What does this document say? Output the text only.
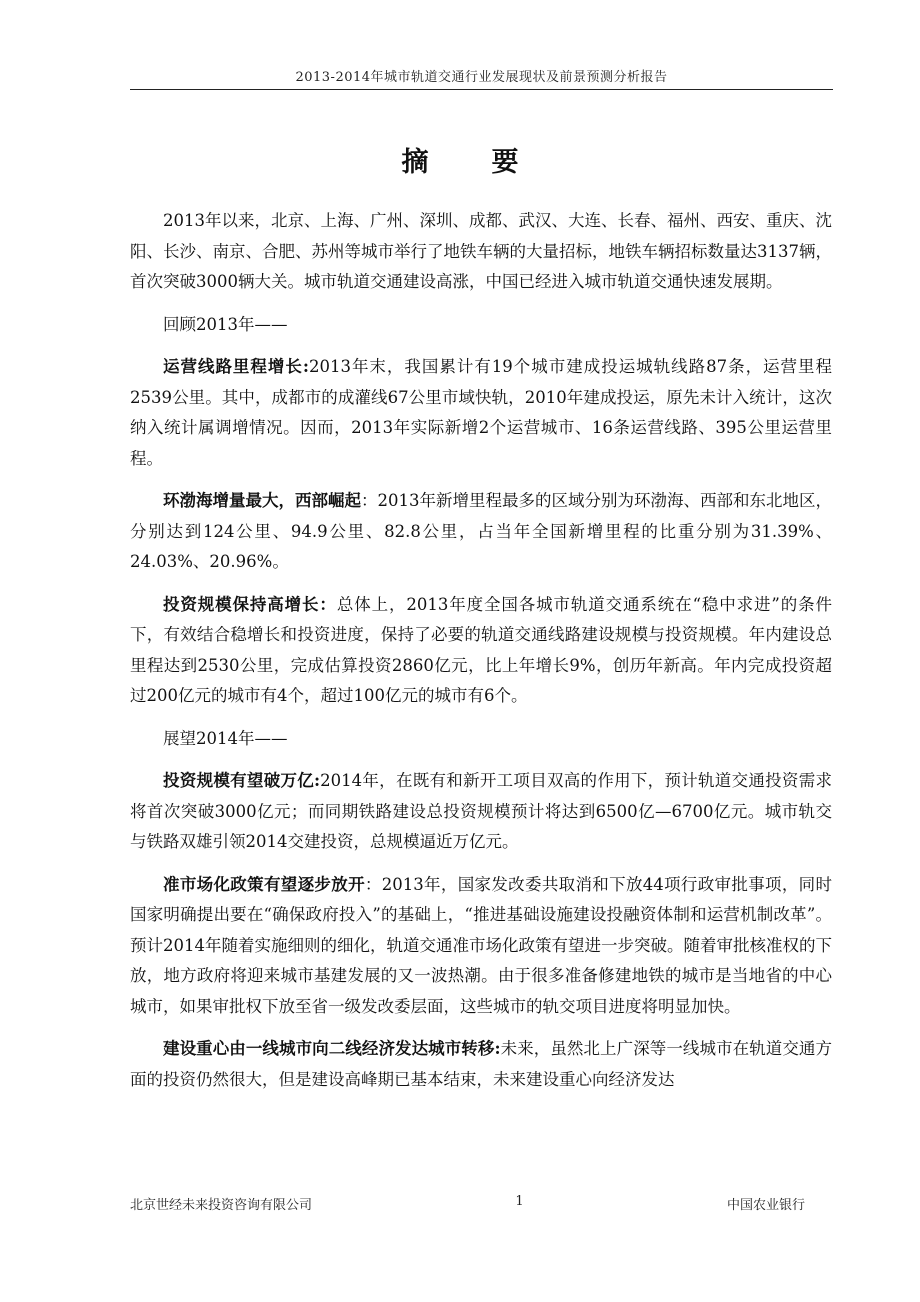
2013-2014年城市轨道交通行业发展现状及前景预测分析报告
摘　要

2013年以来，北京、上海、广州、深圳、成都、武汉、大连、长春、福州、西安、重庆、沈阳、长沙、南京、合肥、苏州等城市举行了地铁车辆的大量招标，地铁车辆招标数量达3137辆，首次突破3000辆大关。城市轨道交通建设高涨，中国已经进入城市轨道交通快速发展期。

回顾2013年——

运营线路里程增长:2013年末，我国累计有19个城市建成投运城轨线路87条，运营里程2539公里。其中，成都市的成灌线67公里市域快轨，2010年建成投运，原先未计入统计，这次纳入统计属调增情况。因而，2013年实际新增2个运营城市、16条运营线路、395公里运营里程。

环渤海增量最大，西部崛起：2013年新增里程最多的区域分别为环渤海、西部和东北地区，分别达到124公里、94.9公里、82.8公里，占当年全国新增里程的比重分别为31.39%、24.03%、20.96%。

投资规模保持高增长：总体上，2013年度全国各城市轨道交通系统在“稳中求进”的条件下，有效结合稳增长和投资进度，保持了必要的轨道交通线路建设规模与投资规模。年内建设总里程达到2530公里，完成估算投资2860亿元，比上年增长9%，创历年新高。年内完成投资超过200亿元的城市有4个，超过100亿元的城市有6个。

展望2014年——

投资规模有望破万亿:2014年，在既有和新开工项目双高的作用下，预计轨道交通投资需求将首次突破3000亿元；而同期铁路建设总投资规模预计将达到6500亿—6700亿元。城市轨交与铁路双雄引领2014交建投资，总规模逼近万亿元。

准市场化政策有望逐步放开：2013年，国家发改委共取消和下放44项行政审批事项，同时国家明确提出要在“确保政府投入”的基础上，“推进基础设施建设投融资体制和运营机制改革”。预计2014年随着实施细则的细化，轨道交通准市场化政策有望进一步突破。随着审批核准权的下放，地方政府将迎来城市基建发展的又一波热潮。由于很多准备修建地铁的城市是当地省的中心城市，如果审批权下放至省一级发改委层面，这些城市的轨交项目进度将明显加快。

建设重心由一线城市向二线经济发达城市转移:未来，虽然北上广深等一线城市在轨道交通方面的投资仍然很大，但是建设高峰期已基本结束，未来建设重心向经济发达

北京世经未来投资咨询有限公司	1	中国农业银行
